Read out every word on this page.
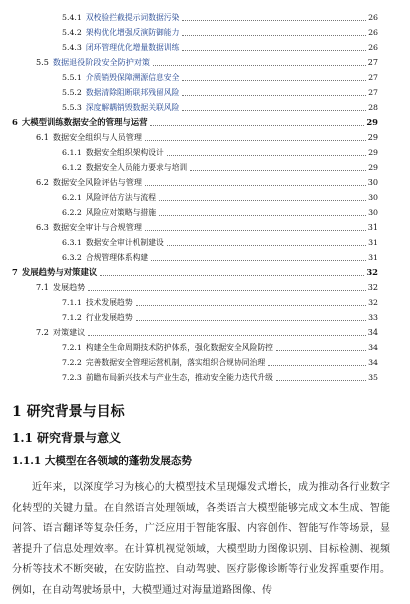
5.4.1 双校验拦截提示词数据污染	26
5.4.2 架构优化增强反演防御能力	26
5.4.3 闭环管理优化增量数据训练	26
5.5 数据退役阶段安全防护对策	27
5.5.1 介质销毁保障溯源信息安全	27
5.5.2 数据清除阻断联邦残留风险	27
5.5.3 深度解耦销毁数据关联风险	28
6 大模型训练数据安全的管理与运营	29
6.1 数据安全组织与人员管理	29
6.1.1 数据安全组织架构设计	29
6.1.2 数据安全人员能力要求与培训	29
6.2 数据安全风险评估与管理	30
6.2.1 风险评估方法与流程	30
6.2.2 风险应对策略与措施	30
6.3 数据安全审计与合规管理	31
6.3.1 数据安全审计机制建设	31
6.3.2 合规管理体系构建	31
7 发展趋势与对策建议	32
7.1 发展趋势	32
7.1.1 技术发展趋势	32
7.1.2 行业发展趋势	33
7.2 对策建议	34
7.2.1 构建全生命周期技术防护体系，强化数据安全风险防控	34
7.2.2 完善数据安全管理运营机制，落实组织合规协同治理	34
7.2.3 前瞻布局新兴技术与产业生态，推动安全能力迭代升级	35
1 研究背景与目标
1.1 研究背景与意义
1.1.1 大模型在各领域的蓬勃发展态势
近年来，以深度学习为核心的大模型技术呈现爆发式增长，成为推动各行业数字化转型的关键力量。在自然语言处理领域，各类语言大模型能够完成文本生成、智能问答、语言翻译等复杂任务，广泛应用于智能客服、内容创作、智能写作等场景，显著提升了信息处理效率。在计算机视觉领域，大模型助力图像识别、目标检测、视频分析等技术不断突破，在安防监控、自动驾驶、医疗影像诊断等行业发挥重要作用。例如，在自动驾驶场景中，大模型通过对海量道路图像、传
